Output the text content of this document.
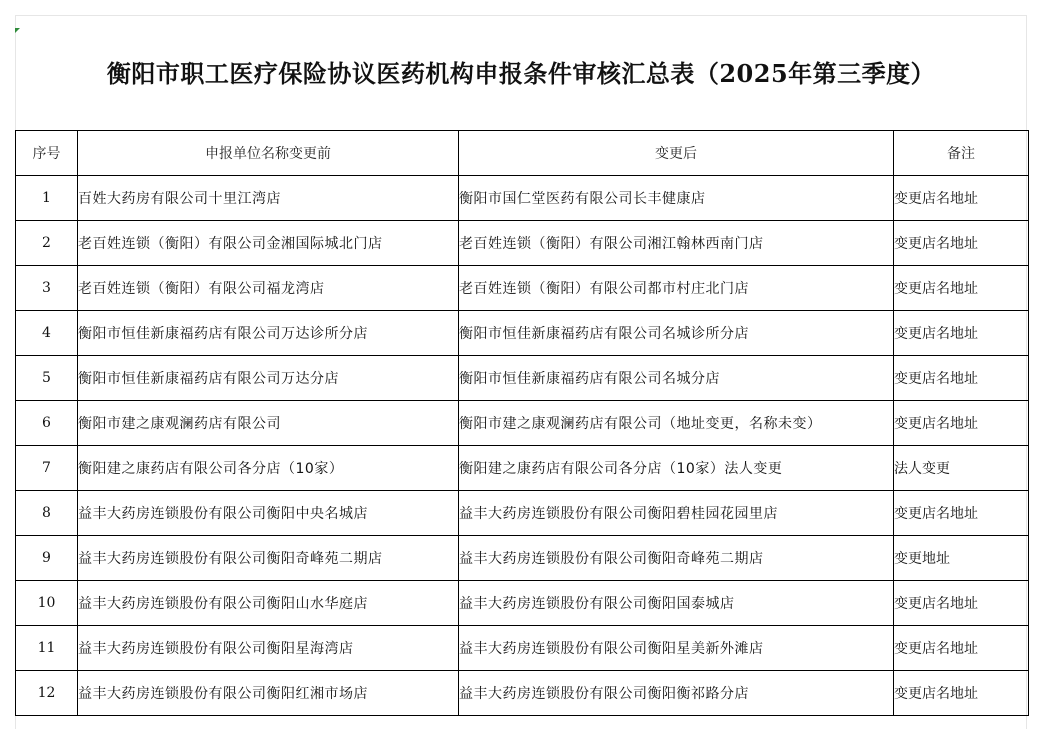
衡阳市职工医疗保险协议医药机构申报条件审核汇总表（2025年第三季度）
序号	申报单位名称变更前	变更后	备注
1	百姓大药房有限公司十里江湾店	衡阳市国仁堂医药有限公司长丰健康店	变更店名地址
2	老百姓连锁（衡阳）有限公司金湘国际城北门店	老百姓连锁（衡阳）有限公司湘江翰林西南门店	变更店名地址
3	老百姓连锁（衡阳）有限公司福龙湾店	老百姓连锁（衡阳）有限公司都市村庄北门店	变更店名地址
4	衡阳市恒佳新康福药店有限公司万达诊所分店	衡阳市恒佳新康福药店有限公司名城诊所分店	变更店名地址
5	衡阳市恒佳新康福药店有限公司万达分店	衡阳市恒佳新康福药店有限公司名城分店	变更店名地址
6	衡阳市建之康观澜药店有限公司	衡阳市建之康观澜药店有限公司（地址变更，名称未变）	变更店名地址
7	衡阳建之康药店有限公司各分店（10家）	衡阳建之康药店有限公司各分店（10家）法人变更	法人变更
8	益丰大药房连锁股份有限公司衡阳中央名城店	益丰大药房连锁股份有限公司衡阳碧桂园花园里店	变更店名地址
9	益丰大药房连锁股份有限公司衡阳奇峰苑二期店	益丰大药房连锁股份有限公司衡阳奇峰苑二期店	变更地址
10	益丰大药房连锁股份有限公司衡阳山水华庭店	益丰大药房连锁股份有限公司衡阳国泰城店	变更店名地址
11	益丰大药房连锁股份有限公司衡阳星海湾店	益丰大药房连锁股份有限公司衡阳星美新外滩店	变更店名地址
12	益丰大药房连锁股份有限公司衡阳红湘市场店	益丰大药房连锁股份有限公司衡阳衡祁路分店	变更店名地址
